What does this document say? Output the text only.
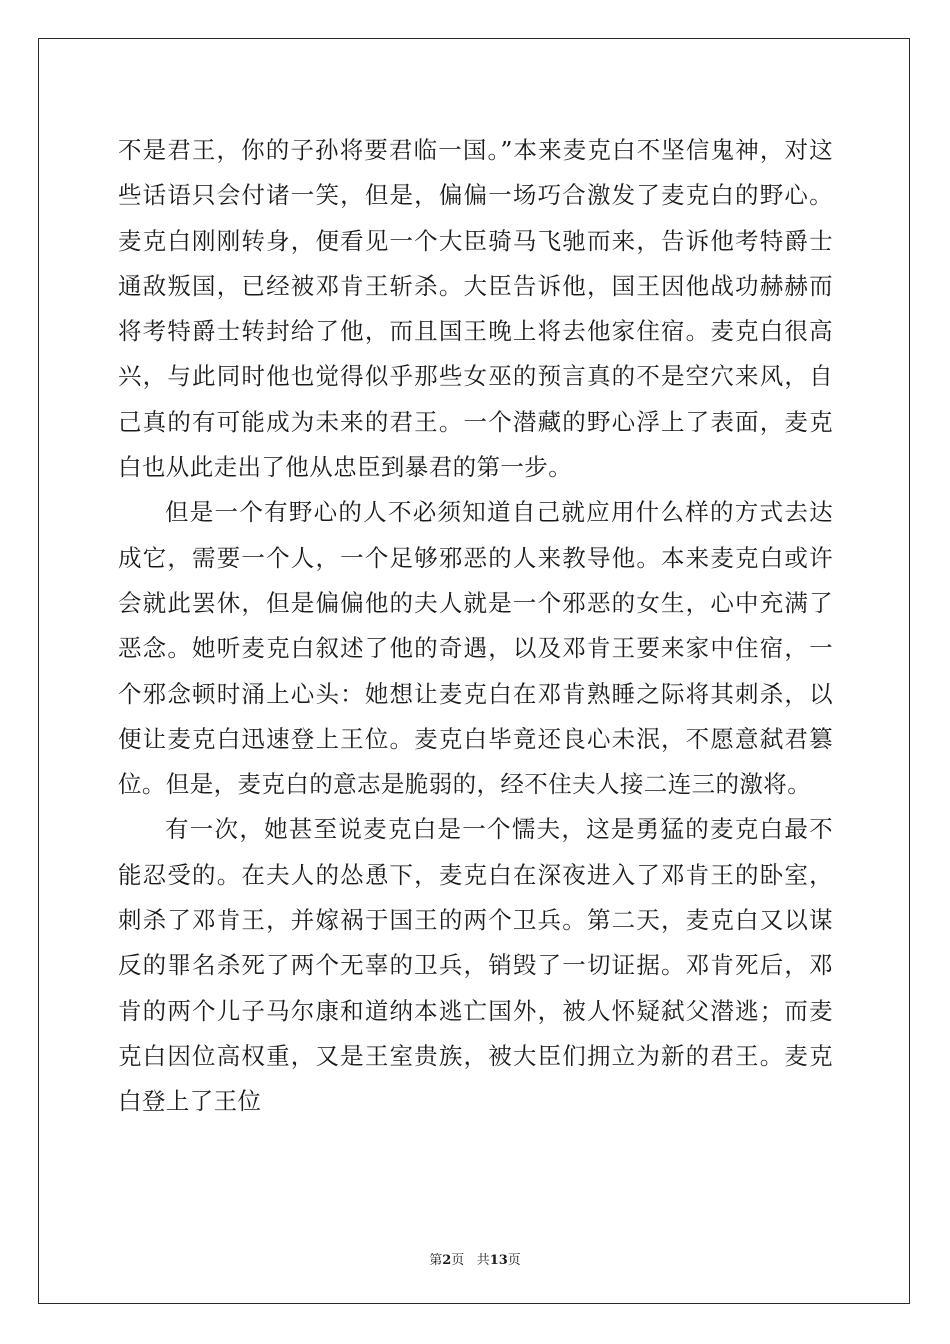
不是君王，你的子孙将要君临一国。”本来麦克白不坚信鬼神，对这些话语只会付诸一笑，但是，偏偏一场巧合激发了麦克白的野心。麦克白刚刚转身，便看见一个大臣骑马飞驰而来，告诉他考特爵士通敌叛国，已经被邓肯王斩杀。大臣告诉他，国王因他战功赫赫而将考特爵士转封给了他，而且国王晚上将去他家住宿。麦克白很高兴，与此同时他也觉得似乎那些女巫的预言真的不是空穴来风，自己真的有可能成为未来的君王。一个潜藏的野心浮上了表面，麦克白也从此走出了他从忠臣到暴君的第一步。

但是一个有野心的人不必须知道自己就应用什么样的方式去达成它，需要一个人，一个足够邪恶的人来教导他。本来麦克白或许会就此罢休，但是偏偏他的夫人就是一个邪恶的女生，心中充满了恶念。她听麦克白叙述了他的奇遇，以及邓肯王要来家中住宿，一个邪念顿时涌上心头：她想让麦克白在邓肯熟睡之际将其刺杀，以便让麦克白迅速登上王位。麦克白毕竟还良心未泯，不愿意弑君篡位。但是，麦克白的意志是脆弱的，经不住夫人接二连三的激将。

有一次，她甚至说麦克白是一个懦夫，这是勇猛的麦克白最不能忍受的。在夫人的怂恿下，麦克白在深夜进入了邓肯王的卧室，刺杀了邓肯王，并嫁祸于国王的两个卫兵。第二天，麦克白又以谋反的罪名杀死了两个无辜的卫兵，销毁了一切证据。邓肯死后，邓肯的两个儿子马尔康和道纳本逃亡国外，被人怀疑弑父潜逃；而麦克白因位高权重，又是王室贵族，被大臣们拥立为新的君王。麦克白登上了王位

第2页 共13页
